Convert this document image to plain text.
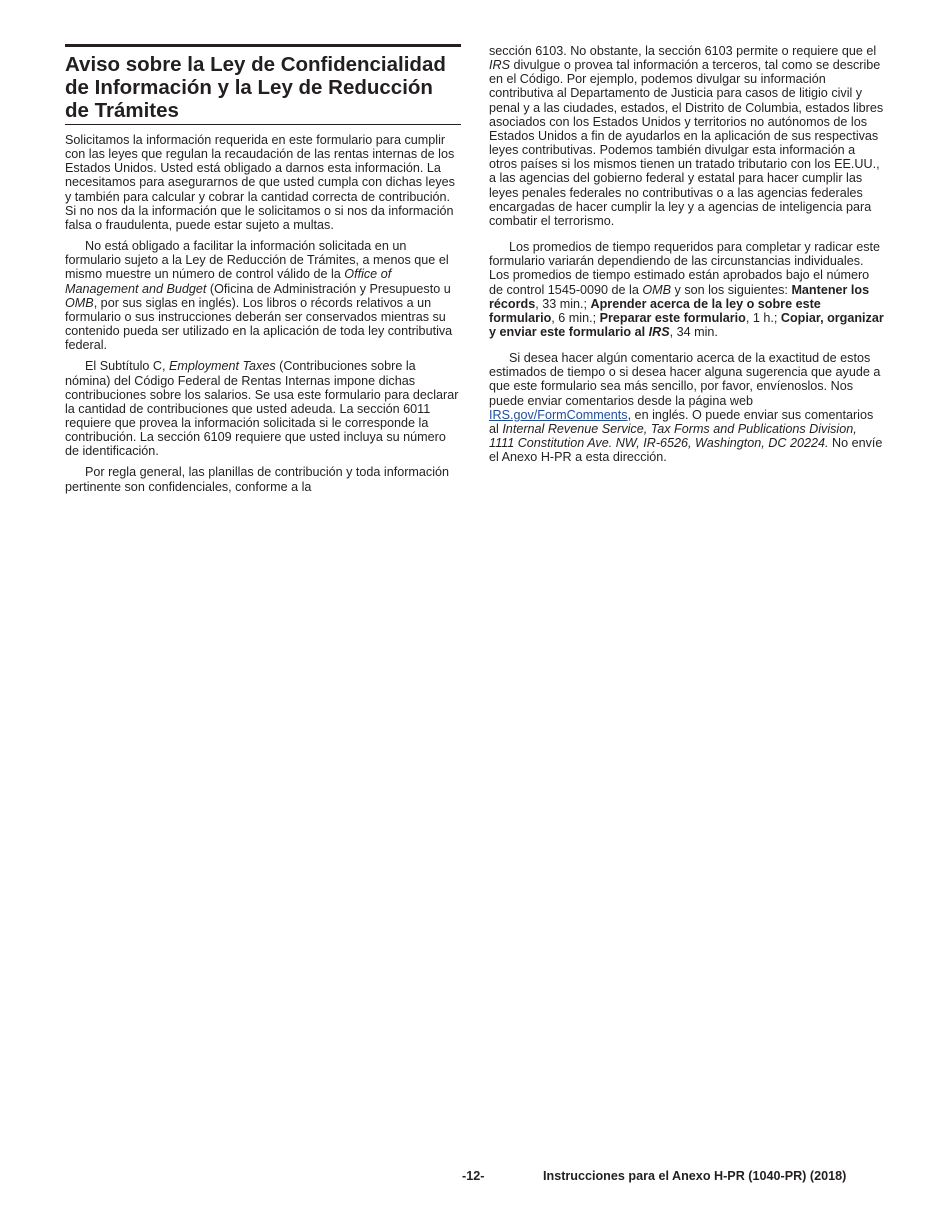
Aviso sobre la Ley de Confidencialidad de Información y la Ley de Reducción de Trámites

Solicitamos la información requerida en este formulario para cumplir con las leyes que regulan la recaudación de las rentas internas de los Estados Unidos. Usted está obligado a darnos esta información. La necesitamos para asegurarnos de que usted cumpla con dichas leyes y también para calcular y cobrar la cantidad correcta de contribución. Si no nos da la información que le solicitamos o si nos da información falsa o fraudulenta, puede estar sujeto a multas.

No está obligado a facilitar la información solicitada en un formulario sujeto a la Ley de Reducción de Trámites, a menos que el mismo muestre un número de control válido de la Office of Management and Budget (Oficina de Administración y Presupuesto u OMB, por sus siglas en inglés). Los libros o récords relativos a un formulario o sus instrucciones deberán ser conservados mientras su contenido pueda ser utilizado en la aplicación de toda ley contributiva federal.

El Subtítulo C, Employment Taxes (Contribuciones sobre la nómina) del Código Federal de Rentas Internas impone dichas contribuciones sobre los salarios. Se usa este formulario para declarar la cantidad de contribuciones que usted adeuda. La sección 6011 requiere que provea la información solicitada si le corresponde la contribución. La sección 6109 requiere que usted incluya su número de identificación.

Por regla general, las planillas de contribución y toda información pertinente son confidenciales, conforme a la

sección 6103. No obstante, la sección 6103 permite o requiere que el IRS divulgue o provea tal información a terceros, tal como se describe en el Código. Por ejemplo, podemos divulgar su información contributiva al Departamento de Justicia para casos de litigio civil y penal y a las ciudades, estados, el Distrito de Columbia, estados libres asociados con los Estados Unidos y territorios no autónomos de los Estados Unidos a fin de ayudarlos en la aplicación de sus respectivas leyes contributivas. Podemos también divulgar esta información a otros países si los mismos tienen un tratado tributario con los EE.UU., a las agencias del gobierno federal y estatal para hacer cumplir las leyes penales federales no contributivas o a las agencias federales encargadas de hacer cumplir la ley y a agencias de inteligencia para combatir el terrorismo.

Los promedios de tiempo requeridos para completar y radicar este formulario variarán dependiendo de las circunstancias individuales. Los promedios de tiempo estimado están aprobados bajo el número de control 1545-0090 de la OMB y son los siguientes: Mantener los récords, 33 min.; Aprender acerca de la ley o sobre este formulario, 6 min.; Preparar este formulario, 1 h.; Copiar, organizar y enviar este formulario al IRS, 34 min.

Si desea hacer algún comentario acerca de la exactitud de estos estimados de tiempo o si desea hacer alguna sugerencia que ayude a que este formulario sea más sencillo, por favor, envíenoslos. Nos puede enviar comentarios desde la página web IRS.gov/FormComments, en inglés. O puede enviar sus comentarios al Internal Revenue Service, Tax Forms and Publications Division, 1111 Constitution Ave. NW, IR-6526, Washington, DC 20224. No envíe el Anexo H-PR a esta dirección.

-12-	Instrucciones para el Anexo H-PR (1040-PR) (2018)
